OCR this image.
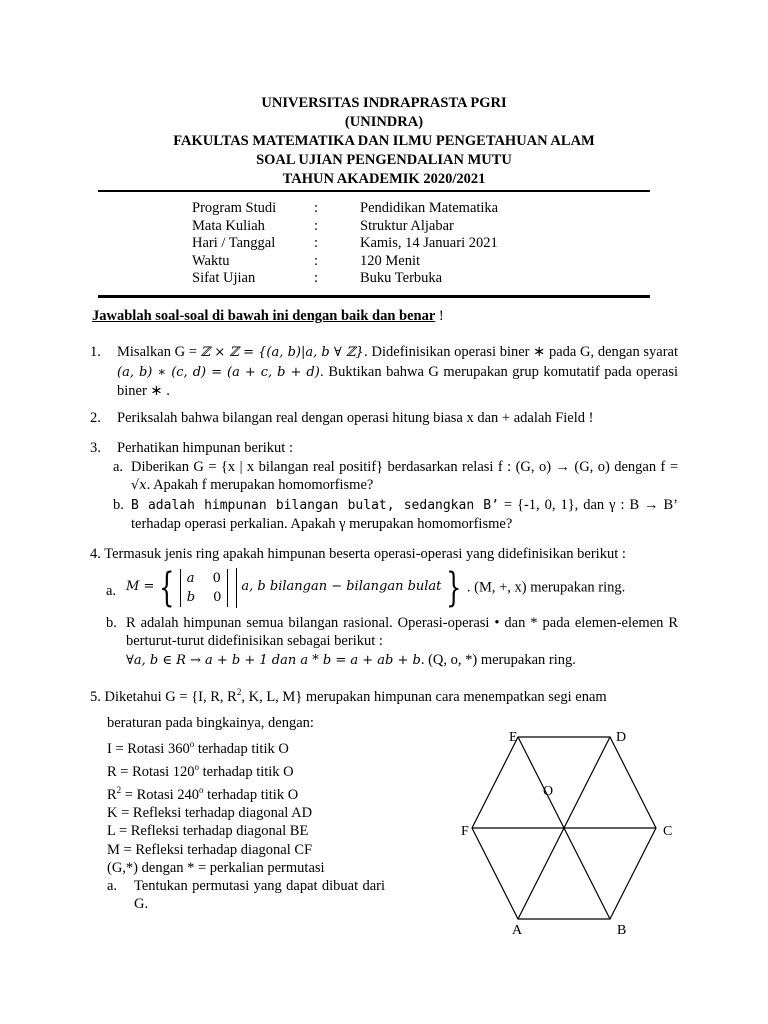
UNIVERSITAS INDRAPRASTA PGRI
(UNINDRA)
FAKULTAS MATEMATIKA DAN ILMU PENGETAHUAN ALAM
SOAL UJIAN PENGENDALIAN MUTU
TAHUN AKADEMIK 2020/2021
Program Studi	:	Pendidikan Matematika
Mata Kuliah	:	Struktur Aljabar
Hari / Tanggal	:	Kamis, 14 Januari 2021
Waktu	:	120 Menit
Sifat Ujian	:	Buku Terbuka
Jawablah soal-soal di bawah ini dengan baik dan benar !
1. Misalkan G = ℤ × ℤ = {(a, b)|a, b ∀ ℤ}. Didefinisikan operasi biner ∗ pada G, dengan syarat (a, b) ∗ (c, d) = (a + c, b + d). Buktikan bahwa G merupakan grup komutatif pada operasi biner ∗ .
2. Periksalah bahwa bilangan real dengan operasi hitung biasa x dan + adalah Field !
3. Perhatikan himpunan berikut :
a. Diberikan G = {x | x bilangan real positif} berdasarkan relasi f : (G, o) → (G, o) dengan f = √x. Apakah f merupakan homomorfisme?
b. B adalah himpunan bilangan bulat, sedangkan B’ = {-1, 0, 1}, dan γ : B → B’ terhadap operasi perkalian. Apakah γ merupakan homomorfisme?
4. Termasuk jenis ring apakah himpunan beserta operasi-operasi yang didefinisikan berikut :
a. M = { a 0
b 0
a, b bilangan − bilangan bulat } . (M, +, x) merupakan ring.
b. R adalah himpunan semua bilangan rasional. Operasi-operasi • dan * pada elemen-elemen R berturut-turut didefinisikan sebagai berikut :
∀a, b ∈ R → a + b + 1 dan a * b = a + ab + b. (Q, o, *) merupakan ring.
5. Diketahui G = {I, R, $R^2$, K, L, M} merupakan himpunan cara menempatkan segi enam
beraturan pada bingkainya, dengan:
I = Rotasi 360$^o$ terhadap titik O
R = Rotasi 120$^o$ terhadap titik O
$R^2$ = Rotasi 240$^o$ terhadap titik O
K = Refleksi terhadap diagonal AD
L = Refleksi terhadap diagonal BE
M = Refleksi terhadap diagonal CF
(G,*) dengan * = perkalian permutasi
a. Tentukan permutasi yang dapat dibuat dari G.
E	D
C
F
A	B
O
